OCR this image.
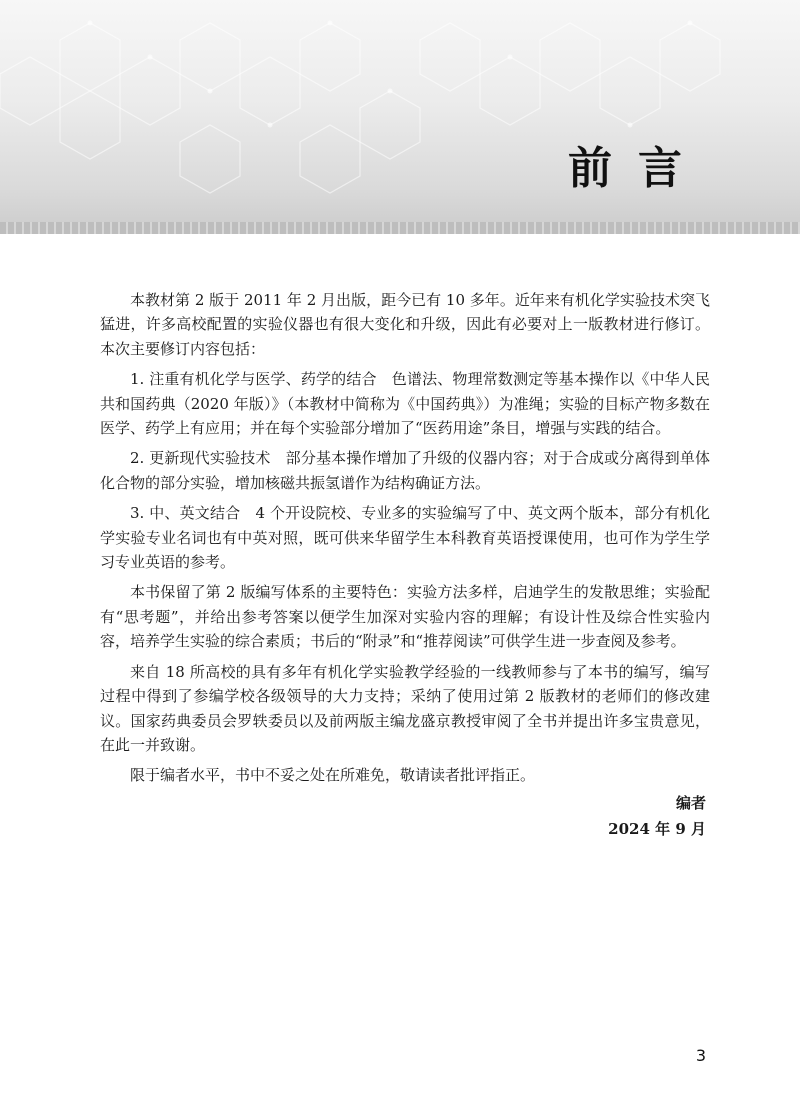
前言

本教材第 2 版于 2011 年 2 月出版，距今已有 10 多年。近年来有机化学实验技术突飞猛进，许多高校配置的实验仪器也有很大变化和升级，因此有必要对上一版教材进行修订。本次主要修订内容包括：

1. 注重有机化学与医学、药学的结合　色谱法、物理常数测定等基本操作以《中华人民共和国药典（2020 年版）》（本教材中简称为《中国药典》）为准绳；实验的目标产物多数在医学、药学上有应用；并在每个实验部分增加了“医药用途”条目，增强与实践的结合。

2. 更新现代实验技术　部分基本操作增加了升级的仪器内容；对于合成或分离得到单体化合物的部分实验，增加核磁共振氢谱作为结构确证方法。

3. 中、英文结合　4 个开设院校、专业多的实验编写了中、英文两个版本，部分有机化学实验专业名词也有中英对照，既可供来华留学生本科教育英语授课使用，也可作为学生学习专业英语的参考。

本书保留了第 2 版编写体系的主要特色：实验方法多样，启迪学生的发散思维；实验配有“思考题”，并给出参考答案以便学生加深对实验内容的理解；有设计性及综合性实验内容，培养学生实验的综合素质；书后的“附录”和“推荐阅读”可供学生进一步查阅及参考。

来自 18 所高校的具有多年有机化学实验教学经验的一线教师参与了本书的编写，编写过程中得到了参编学校各级领导的大力支持；采纳了使用过第 2 版教材的老师们的修改建议。国家药典委员会罗轶委员以及前两版主编龙盛京教授审阅了全书并提出许多宝贵意见，在此一并致谢。

限于编者水平，书中不妥之处在所难免，敬请读者批评指正。

编者
2024 年 9 月
3
